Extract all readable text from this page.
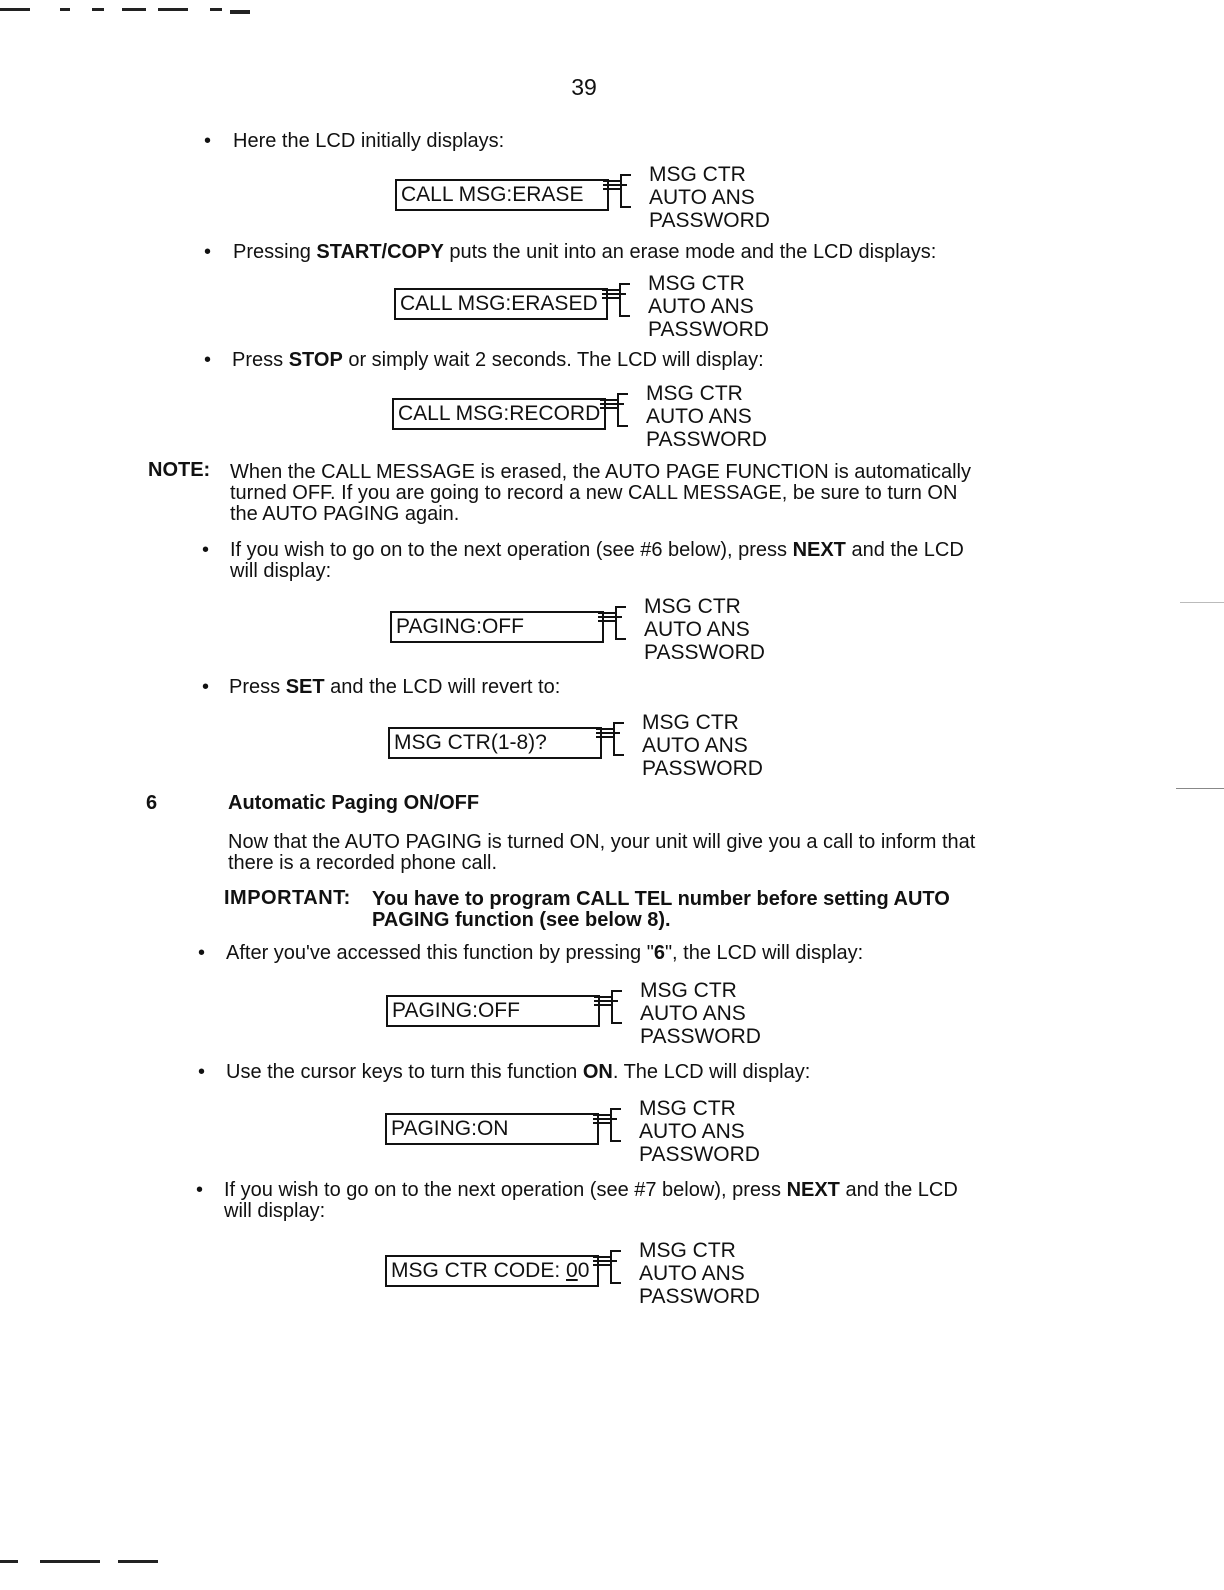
39
• Here the LCD initially displays:
CALL MSG:ERASE
MSG CTR
AUTO ANS
PASSWORD
• Pressing START/COPY puts the unit into an erase mode and the LCD displays:
CALL MSG:ERASED
MSG CTR
AUTO ANS
PASSWORD
• Press STOP or simply wait 2 seconds. The LCD will display:
CALL MSG:RECORD
MSG CTR
AUTO ANS
PASSWORD
NOTE: When the CALL MESSAGE is erased, the AUTO PAGE FUNCTION is automatically
turned OFF. If you are going to record a new CALL MESSAGE, be sure to turn ON
the AUTO PAGING again.
• If you wish to go on to the next operation (see #6 below), press NEXT and the LCD
will display:
PAGING:OFF
MSG CTR
AUTO ANS
PASSWORD
• Press SET and the LCD will revert to:
MSG CTR(1-8)?
MSG CTR
AUTO ANS
PASSWORD
6	Automatic Paging ON/OFF
Now that the AUTO PAGING is turned ON, your unit will give you a call to inform that
there is a recorded phone call.
IMPORTANT: You have to program CALL TEL number before setting AUTO
PAGING function (see below 8).
• After you've accessed this function by pressing "6", the LCD will display:
PAGING:OFF
MSG CTR
AUTO ANS
PASSWORD
• Use the cursor keys to turn this function ON. The LCD will display:
PAGING:ON
MSG CTR
AUTO ANS
PASSWORD
• If you wish to go on to the next operation (see #7 below), press NEXT and the LCD
will display:
MSG CTR CODE: 00
MSG CTR
AUTO ANS
PASSWORD
